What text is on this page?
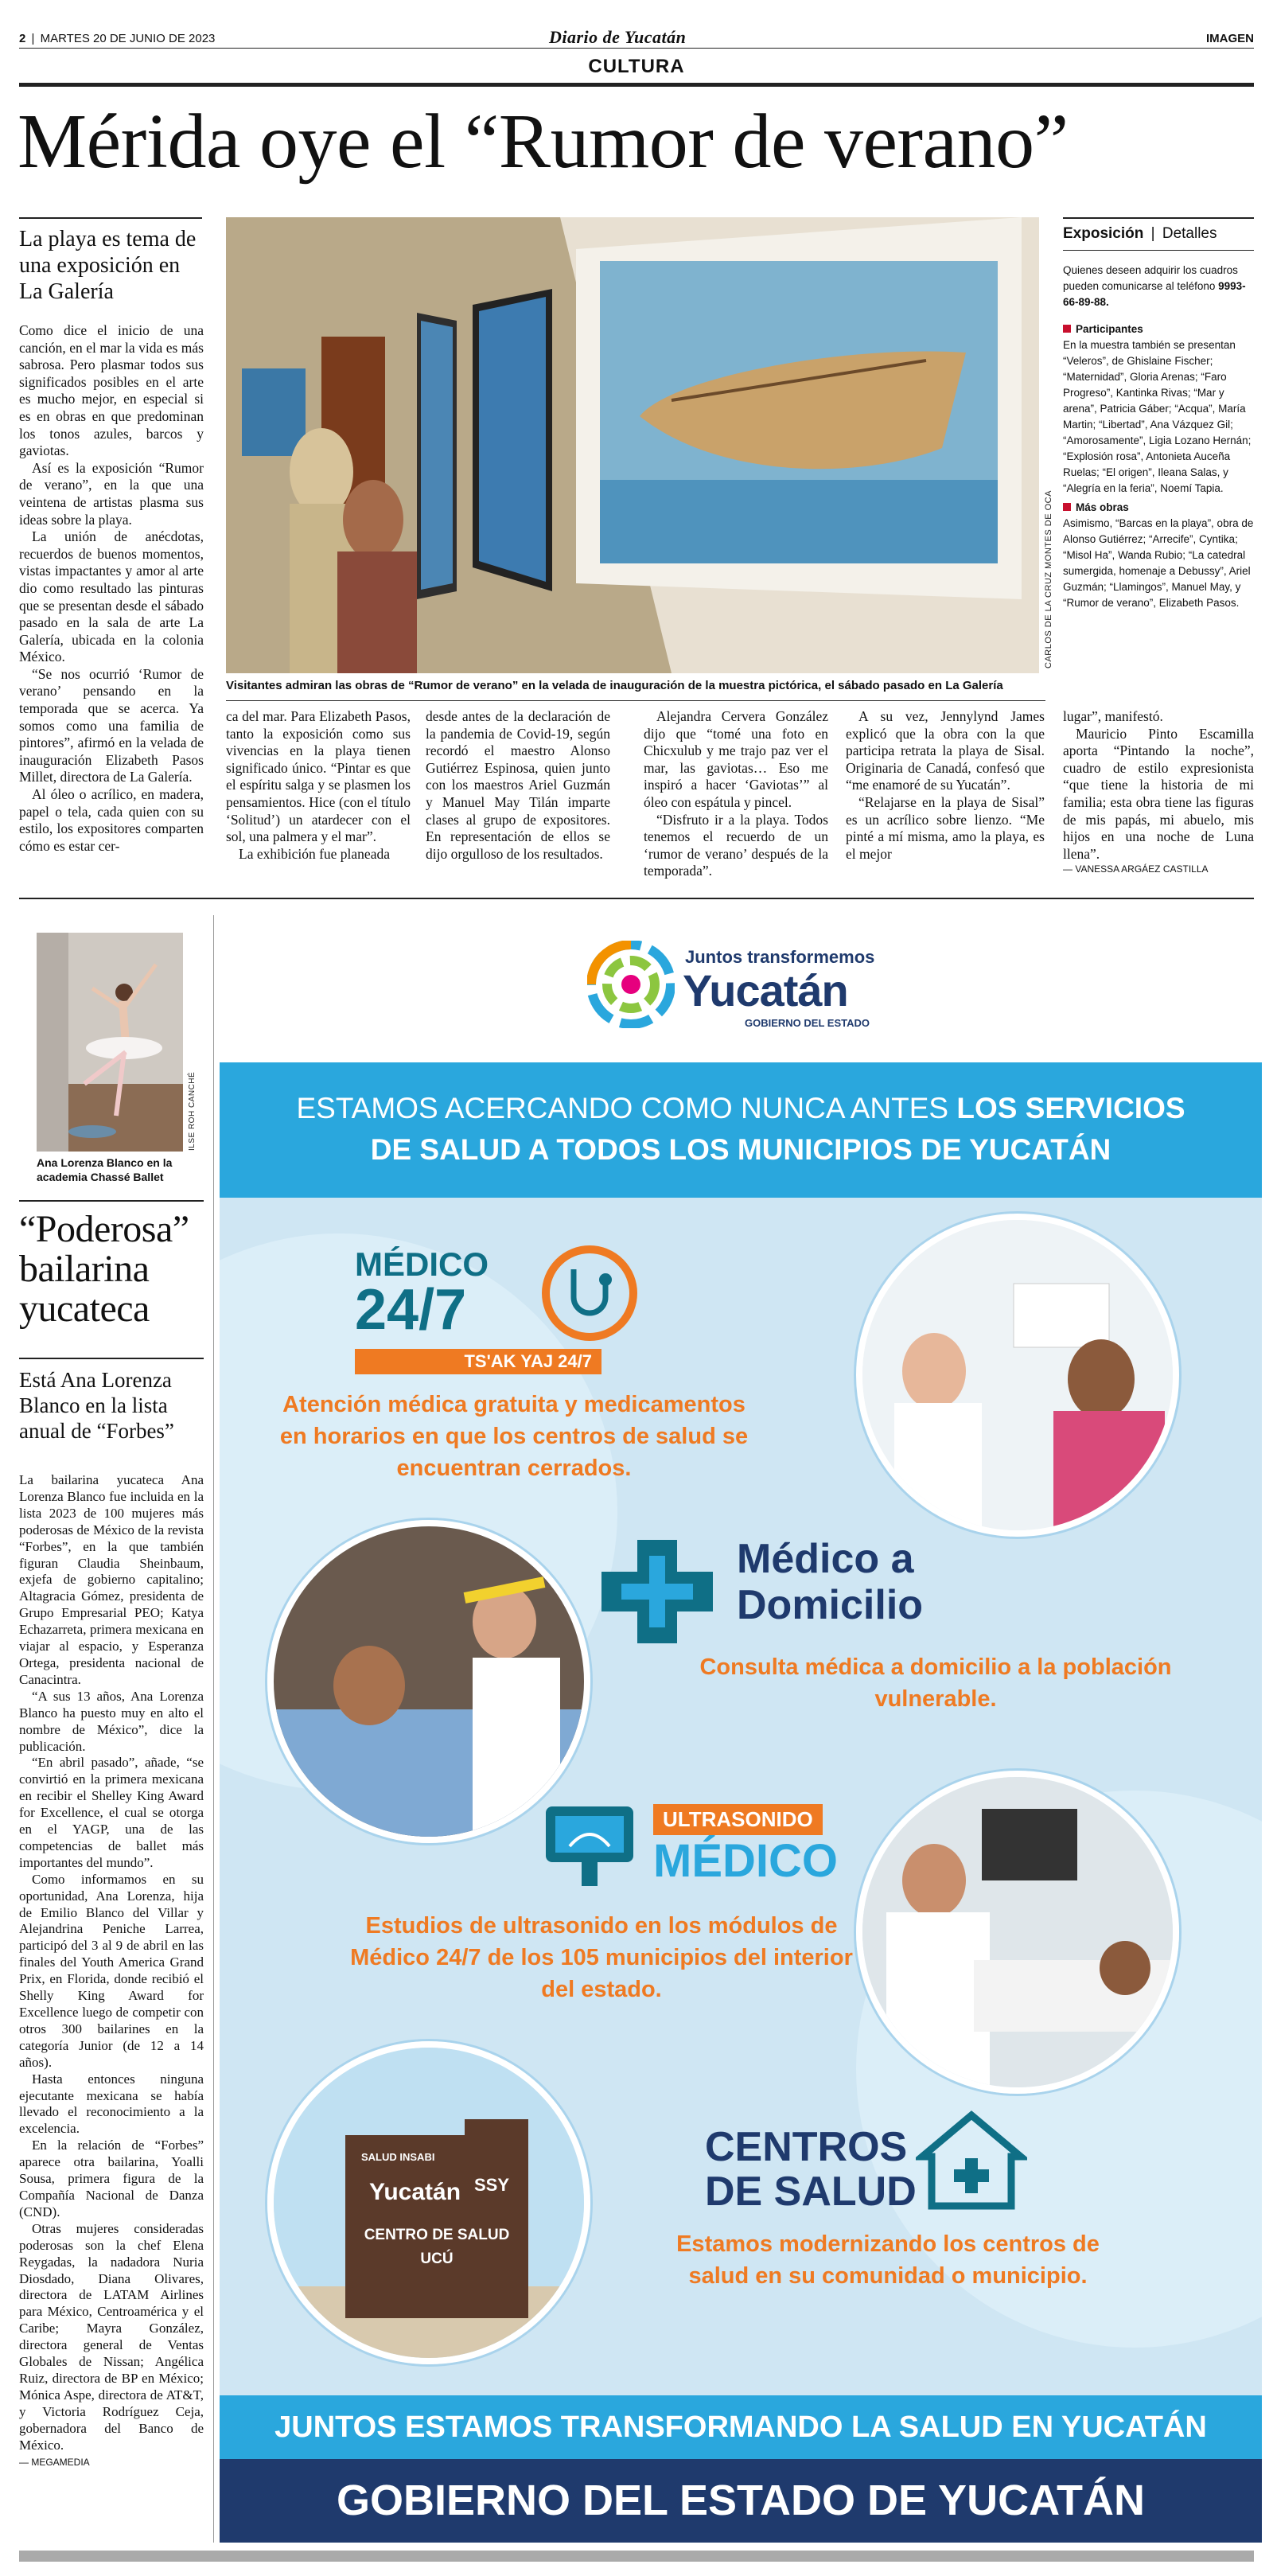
2 | MARTES 20 DE JUNIO DE 2023	Diario de Yucatán	IMAGEN
CULTURA
Mérida oye el “Rumor de verano”
La playa es tema de una exposición en La Galería

Como dice el inicio de una canción, en el mar la vida es más sabrosa. Pero plasmar todos sus significados posibles en el arte es mucho mejor, en especial si es en obras en que predominan los tonos azules, barcos y gaviotas.

Así es la exposición “Rumor de verano”, en la que una veintena de artistas plasma sus ideas sobre la playa.

La unión de anécdotas, recuerdos de buenos momentos, vistas impactantes y amor al arte dio como resultado las pinturas que se presentan desde el sábado pasado en la sala de arte La Galería, ubicada en la colonia México.

“Se nos ocurrió ‘Rumor de verano’ pensando en la temporada que se acerca. Ya somos como una familia de pintores”, afirmó en la velada de inauguración Elizabeth Pasos Millet, directora de La Galería.

Al óleo o acrílico, en madera, papel o tela, cada quien con su estilo, los expositores comparten cómo es estar cer-

CARLOS DE LA CRUZ MONTES DE OCA
Visitantes admiran las obras de “Rumor de verano” en la velada de inauguración de la muestra pictórica, el sábado pasado en La Galería

ca del mar. Para Elizabeth Pasos, tanto la exposición como sus vivencias en la playa tienen significado único. “Pintar es que el espíritu salga y se plasmen los pensamientos. Hice (con el título ‘Solitud’) un atardecer con el sol, una palmera y el mar”.

La exhibición fue planeada

desde antes de la declaración de la pandemia de Covid-19, según recordó el maestro Alonso Gutiérrez Espinosa, quien junto con los maestros Ariel Guzmán y Manuel May Tilán imparte clases al grupo de expositores. En representación de ellos se dijo orgulloso de los resultados.

Alejandra Cervera González dijo que “tomé una foto en Chicxulub y me trajo paz ver el mar, las gaviotas… Eso me inspiró a hacer ‘Gaviotas’” al óleo con espátula y pincel.

“Disfruto ir a la playa. Todos tenemos el recuerdo de un ‘rumor de verano’ después de la temporada”.

A su vez, Jennylynd James explicó que la obra con la que participa retrata la playa de Sisal. Originaria de Canadá, confesó que “me enamoré de su Yucatán”.

“Relajarse en la playa de Sisal” es un acrílico sobre lienzo. “Me pinté a mí misma, amo la playa, es el mejor

lugar”, manifestó.

Mauricio Pinto Escamilla aporta “Pintando la noche”, cuadro de estilo expresionista “que tiene la historia de mi familia; esta obra tiene las figuras de mis papás, mi abuelo, mis hijos en una noche de Luna llena”.

— VANESSA ARGÁEZ CASTILLA
Exposición | Detalles

Quienes deseen adquirir los cuadros pueden comunicarse al teléfono 9993-66-89-88.

Participantes

En la muestra también se presentan “Veleros”, de Ghislaine Fischer; “Maternidad”, Gloria Arenas; “Faro Progreso”, Kantinka Rivas; “Mar y arena”, Patricia Gáber; “Acqua”, María Martin; “Libertad”, Ana Vázquez Gil; “Amorosamente”, Ligia Lozano Hernán; “Explosión rosa”, Antonieta Auceña Ruelas; “El origen”, Ileana Salas, y “Alegría en la feria”, Noemí Tapia.

Más obras

Asimismo, “Barcas en la playa”, obra de Alonso Gutiérrez; “Arrecife”, Cyntika; “Misol Ha”, Wanda Rubio; “La catedral sumergida, homenaje a Debussy”, Ariel Guzmán; “Llamingos”, Manuel May, y “Rumor de verano”, Elizabeth Pasos.

ILSE ROH CANCHÉ
Ana Lorenza Blanco en la academia Chassé Ballet
“Poderosa” bailarina yucateca
Está Ana Lorenza Blanco en la lista anual de “Forbes”

La bailarina yucateca Ana Lorenza Blanco fue incluida en la lista 2023 de 100 mujeres más poderosas de México de la revista “Forbes”, en la que también figuran Claudia Sheinbaum, exjefa de gobierno capitalino; Altagracia Gómez, presidenta de Grupo Empresarial PEO; Katya Echazarreta, primera mexicana en viajar al espacio, y Esperanza Ortega, presidenta nacional de Canacintra.

“A sus 13 años, Ana Lorenza Blanco ha puesto muy en alto el nombre de México”, dice la publicación.

“En abril pasado”, añade, “se convirtió en la primera mexicana en recibir el Shelley King Award for Excellence, el cual se otorga en el YAGP, una de las competencias de ballet más importantes del mundo”.

Como informamos en su oportunidad, Ana Lorenza, hija de Emilio Blanco del Villar y Alejandrina Peniche Larrea, participó del 3 al 9 de abril en las finales del Youth America Grand Prix, en Florida, donde recibió el Shelly King Award for Excellence luego de competir con otros 300 bailarines en la categoría Junior (de 12 a 14 años).

Hasta entonces ninguna ejecutante mexicana se había llevado el reconocimiento a la excelencia.

En la relación de “Forbes” aparece otra bailarina, Yoalli Sousa, primera figura de la Compañía Nacional de Danza (CND).

Otras mujeres consideradas poderosas son la chef Elena Reygadas, la nadadora Nuria Diosdado, Diana Olivares, directora de LATAM Airlines para México, Centroamérica y el Caribe; Mayra González, directora general de Ventas Globales de Nissan; Angélica Ruiz, directora de BP en México; Mónica Aspe, directora de AT&T, y Victoria Rodríguez Ceja, gobernadora del Banco de México.

— MEGAMEDIA
Juntos transformemos
Yucatán
GOBIERNO DEL ESTADO
ESTAMOS ACERCANDO COMO NUNCA ANTES LOS SERVICIOS
DE SALUD A TODOS LOS MUNICIPIOS DE YUCATÁN
MÉDICO
24/7
TS'AK YAJ 24/7
Atención médica gratuita y medicamentos en horarios en que los centros de salud se encuentran cerrados.
Médico a
Domicilio
Consulta médica a domicilio a la población vulnerable.
ULTRASONIDO
MÉDICO
Estudios de ultrasonido en los módulos de Médico 24/7 de los 105 municipios del interior del estado.
CENTROS
DE SALUD
Estamos modernizando los centros de salud en su comunidad o municipio.
SALUD INSABI
Yucatán SSY
CENTRO DE SALUD
UCÚ
JUNTOS ESTAMOS TRANSFORMANDO LA SALUD EN YUCATÁN
GOBIERNO DEL ESTADO DE YUCATÁN
